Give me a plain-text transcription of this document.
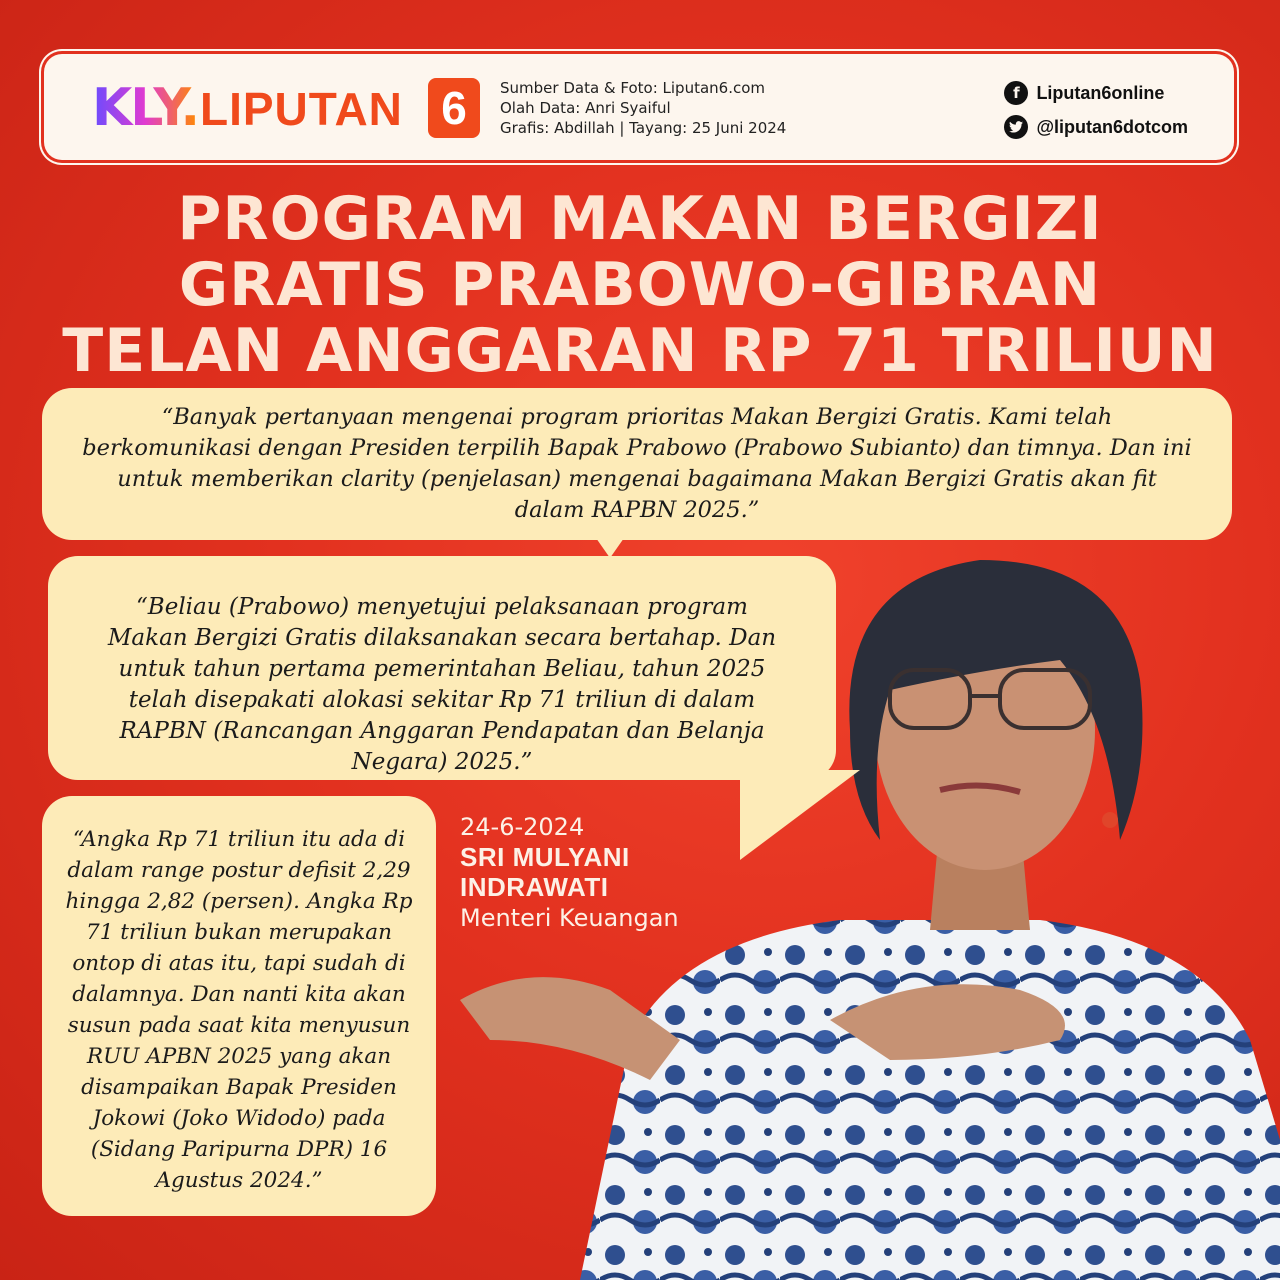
KLY. LIPUTAN 6	Sumber Data & Foto: Liputan6.com
Olah Data: Anri Syaiful
Grafis: Abdillah | Tayang: 25 Juni 2024
f Liputan6online
@liputan6dotcom
PROGRAM MAKAN BERGIZI
GRATIS PRABOWO-GIBRAN
TELAN ANGGARAN RP 71 TRILIUN
“Banyak pertanyaan mengenai program prioritas Makan Bergizi Gratis. Kami telah berkomunikasi dengan Presiden terpilih Bapak Prabowo (Prabowo Subianto) dan timnya. Dan ini untuk memberikan clarity (penjelasan) mengenai bagaimana Makan Bergizi Gratis akan fit dalam RAPBN 2025.”
“Beliau (Prabowo) menyetujui pelaksanaan program Makan Bergizi Gratis dilaksanakan secara bertahap. Dan untuk tahun pertama pemerintahan Beliau, tahun 2025 telah disepakati alokasi sekitar Rp 71 triliun di dalam RAPBN (Rancangan Anggaran Pendapatan dan Belanja Negara) 2025.”
“Angka Rp 71 triliun itu ada di dalam range postur defisit 2,29 hingga 2,82 (persen). Angka Rp 71 triliun bukan merupakan ontop di atas itu, tapi sudah di dalamnya. Dan nanti kita akan susun pada saat kita menyusun RUU APBN 2025 yang akan disampaikan Bapak Presiden Jokowi (Joko Widodo) pada (Sidang Paripurna DPR) 16 Agustus 2024.”
24-6-2024
SRI MULYANI
INDRAWATI
Menteri Keuangan
